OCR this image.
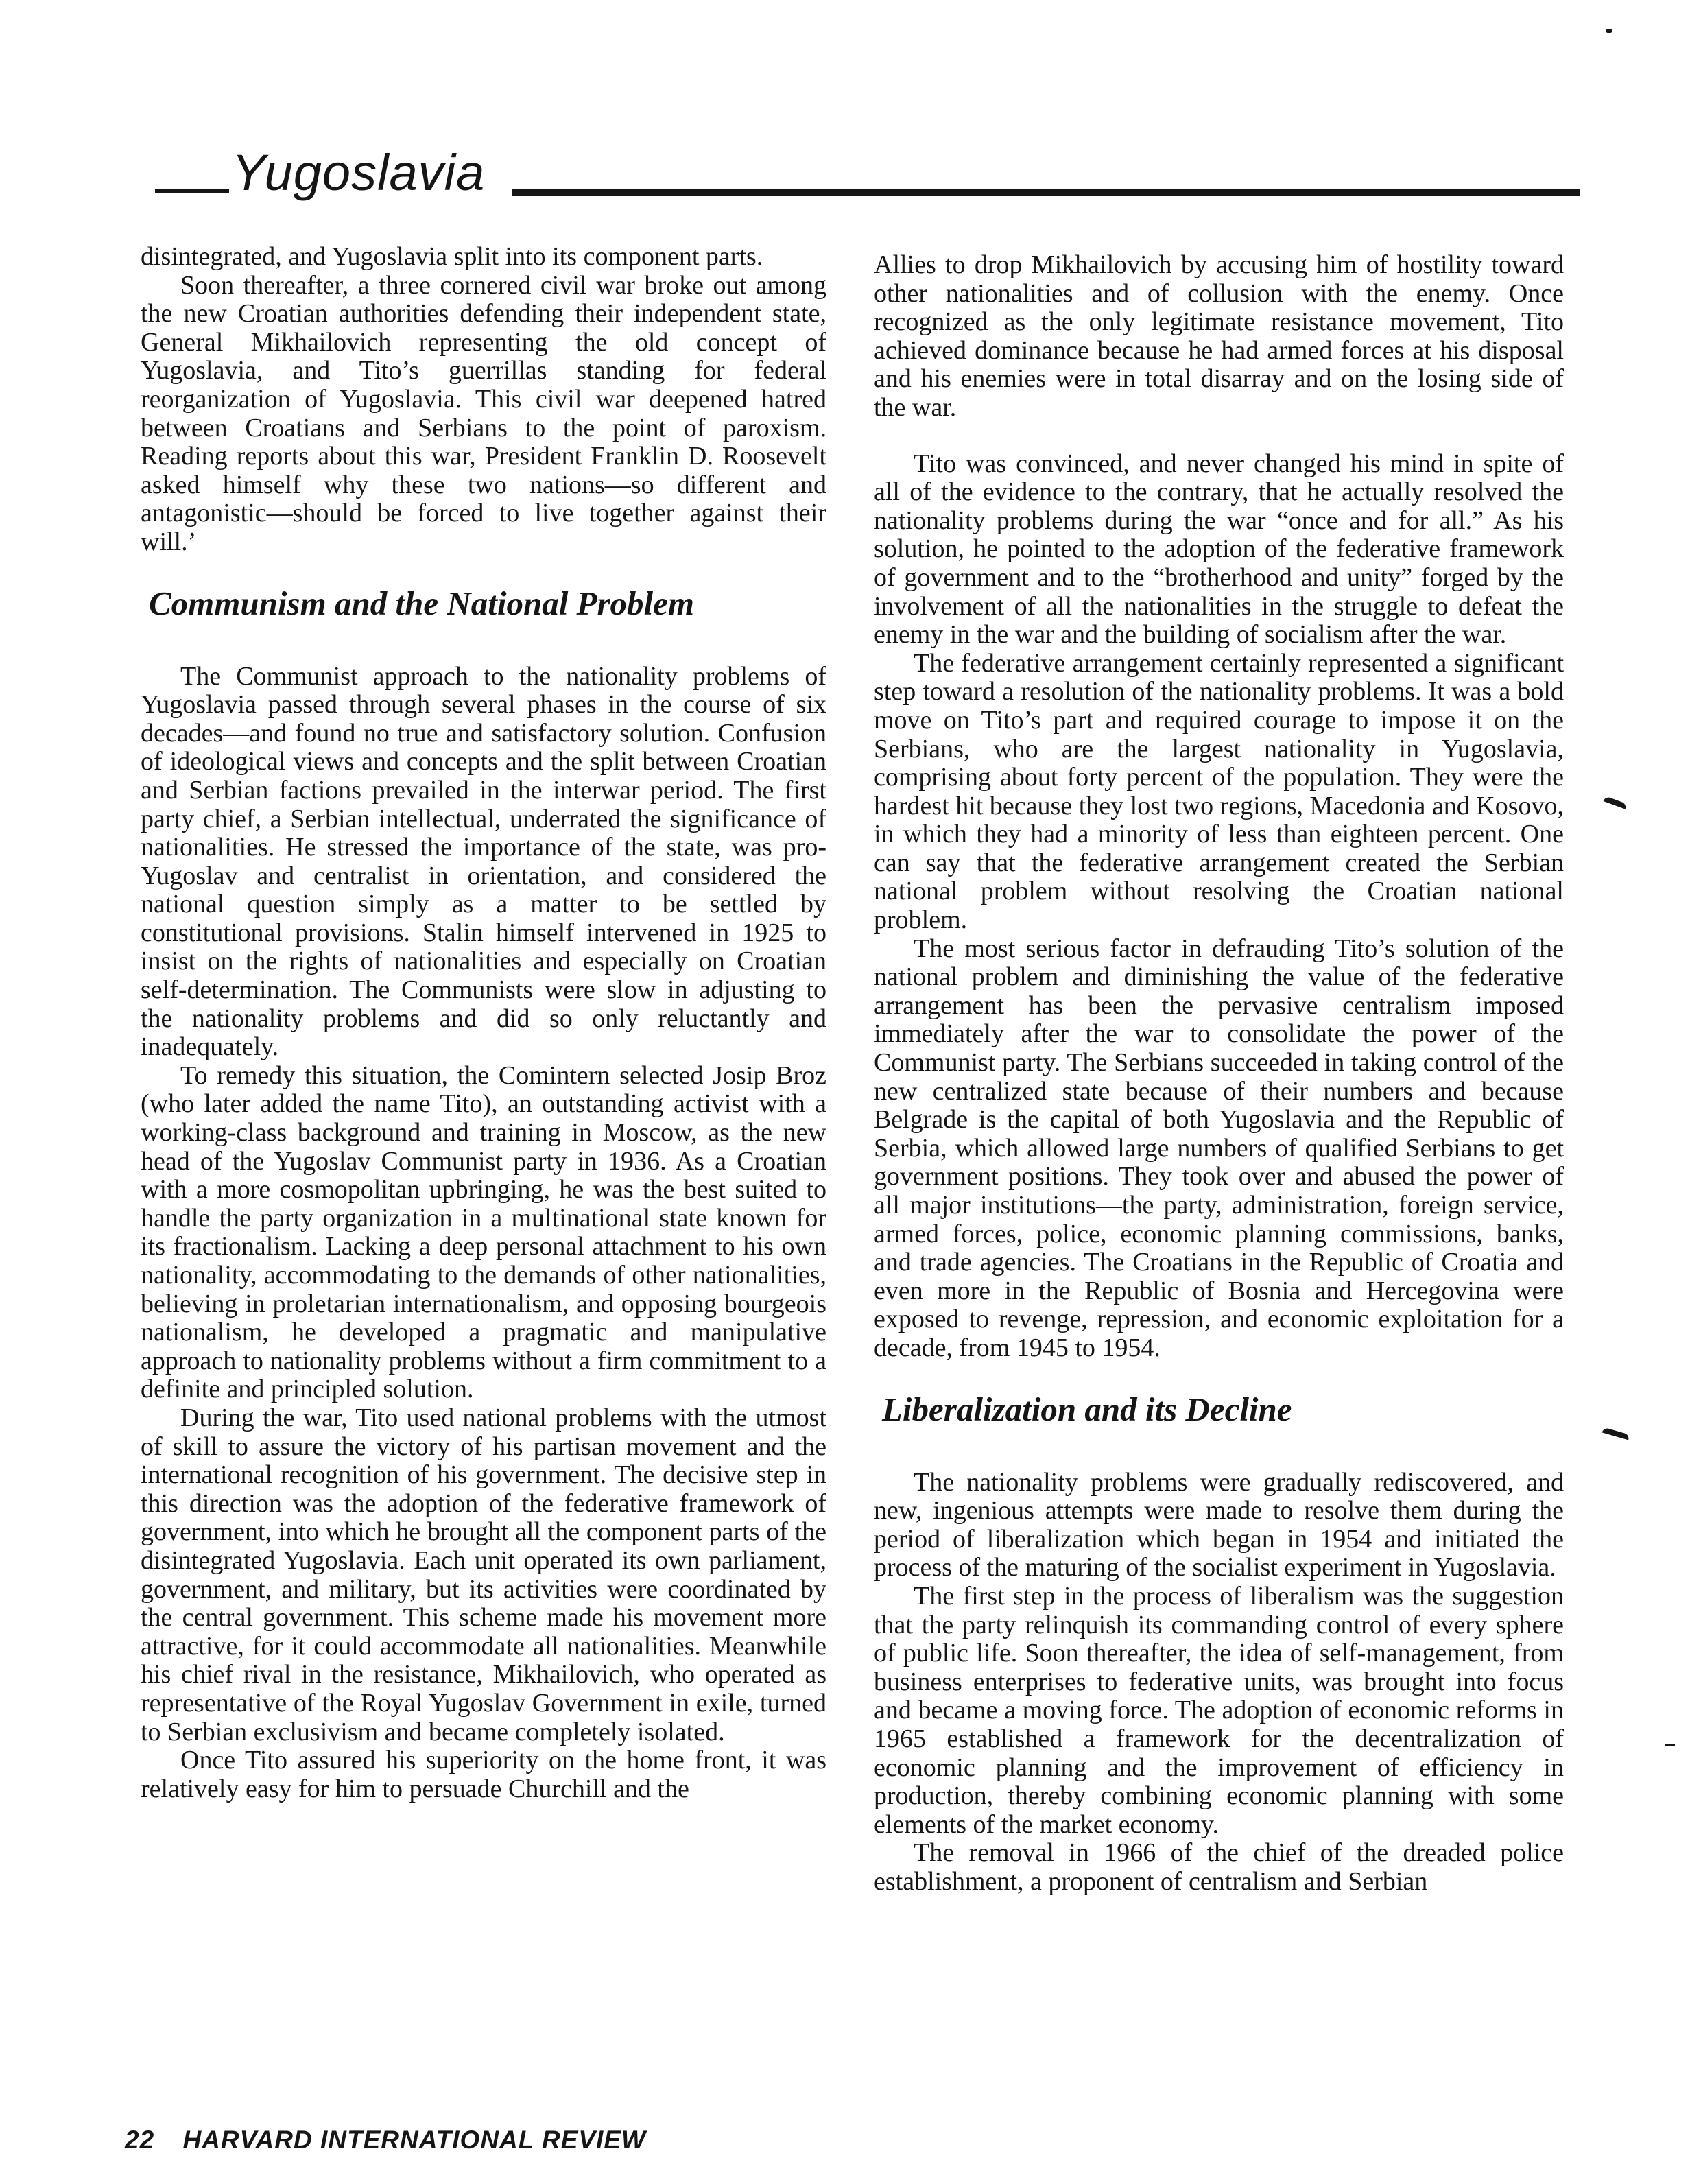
Yugoslavia

disintegrated, and Yugoslavia split into its component parts.

Soon thereafter, a three cornered civil war broke out among the new Croatian authorities defending their independent state, General Mikhailovich representing the old concept of Yugoslavia, and Tito’s guerrillas standing for federal reorganization of Yugoslavia. This civil war deepened hatred between Croatians and Serbians to the point of paroxism. Reading reports about this war, President Franklin D. Roosevelt asked himself why these two nations—so different and antagonistic—should be forced to live together against their will.’

Communism and the National Problem

The Communist approach to the nationality problems of Yugoslavia passed through several phases in the course of six decades—and found no true and satisfactory solution. Confusion of ideological views and concepts and the split between Croatian and Serbian factions prevailed in the interwar period. The first party chief, a Serbian intellectual, underrated the significance of nationalities. He stressed the importance of the state, was pro-Yugoslav and centralist in orientation, and considered the national question simply as a matter to be settled by constitutional provisions. Stalin himself intervened in 1925 to insist on the rights of nationalities and especially on Croatian self-determination. The Communists were slow in adjusting to the nationality problems and did so only reluctantly and inadequately.

To remedy this situation, the Comintern selected Josip Broz (who later added the name Tito), an outstanding activist with a working-class background and training in Moscow, as the new head of the Yugoslav Communist party in 1936. As a Croatian with a more cosmopolitan upbringing, he was the best suited to handle the party organization in a multinational state known for its fractionalism. Lacking a deep personal attachment to his own nationality, accommodating to the demands of other nationalities, believing in proletarian internationalism, and opposing bourgeois nationalism, he developed a pragmatic and manipulative approach to nationality problems without a firm commitment to a definite and principled solution.

During the war, Tito used national problems with the utmost of skill to assure the victory of his partisan movement and the international recognition of his government. The decisive step in this direction was the adoption of the federative framework of government, into which he brought all the component parts of the disintegrated Yugoslavia. Each unit operated its own parliament, government, and military, but its activities were coordinated by the central government. This scheme made his movement more attractive, for it could accommodate all nationalities. Meanwhile his chief rival in the resistance, Mikhailovich, who operated as representative of the Royal Yugoslav Government in exile, turned to Serbian exclusivism and became completely isolated.

Once Tito assured his superiority on the home front, it was relatively easy for him to persuade Churchill and the

Allies to drop Mikhailovich by accusing him of hostility toward other nationalities and of collusion with the enemy. Once recognized as the only legitimate resistance movement, Tito achieved dominance because he had armed forces at his disposal and his enemies were in total disarray and on the losing side of the war.

Tito was convinced, and never changed his mind in spite of all of the evidence to the contrary, that he actually resolved the nationality problems during the war “once and for all.” As his solution, he pointed to the adoption of the federative framework of government and to the “brotherhood and unity” forged by the involvement of all the nationalities in the struggle to defeat the enemy in the war and the building of socialism after the war.

The federative arrangement certainly represented a significant step toward a resolution of the nationality problems. It was a bold move on Tito’s part and required courage to impose it on the Serbians, who are the largest nationality in Yugoslavia, comprising about forty percent of the population. They were the hardest hit because they lost two regions, Macedonia and Kosovo, in which they had a minority of less than eighteen percent. One can say that the federative arrangement created the Serbian national problem without resolving the Croatian national problem.

The most serious factor in defrauding Tito’s solution of the national problem and diminishing the value of the federative arrangement has been the pervasive centralism imposed immediately after the war to consolidate the power of the Communist party. The Serbians succeeded in taking control of the new centralized state because of their numbers and because Belgrade is the capital of both Yugoslavia and the Republic of Serbia, which allowed large numbers of qualified Serbians to get government positions. They took over and abused the power of all major institutions—the party, administration, foreign service, armed forces, police, economic planning commissions, banks, and trade agencies. The Croatians in the Republic of Croatia and even more in the Republic of Bosnia and Hercegovina were exposed to revenge, repression, and economic exploitation for a decade, from 1945 to 1954.

Liberalization and its Decline

The nationality problems were gradually rediscovered, and new, ingenious attempts were made to resolve them during the period of liberalization which began in 1954 and initiated the process of the maturing of the socialist experiment in Yugoslavia.

The first step in the process of liberalism was the suggestion that the party relinquish its commanding control of every sphere of public life. Soon thereafter, the idea of self-management, from business enterprises to federative units, was brought into focus and became a moving force. The adoption of economic reforms in 1965 established a framework for the decentralization of economic planning and the improvement of efficiency in production, thereby combining economic planning with some elements of the market economy.

The removal in 1966 of the chief of the dreaded police establishment, a proponent of centralism and Serbian

22 HARVARD INTERNATIONAL REVIEW
